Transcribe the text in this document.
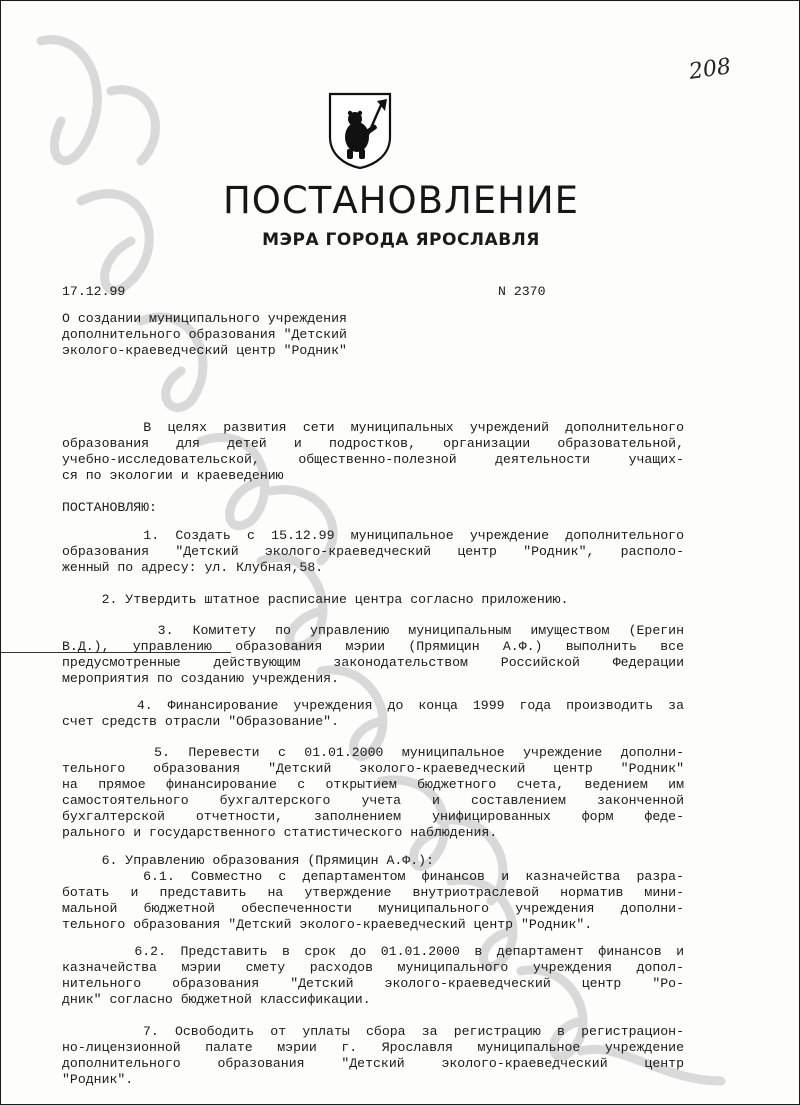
208
ПОСТАНОВЛЕНИЕ
МЭРА ГОРОДА ЯРОСЛАВЛЯ
17.12.99	N 2370
О создании муниципального учреждения
дополнительного образования "Детский
эколого-краеведческий центр "Родник"
В целях развития сети муниципальных учреждений дополнительного
образования для детей и подростков, организации образовательной,
учебно-исследовательской, общественно-полезной деятельности учащих-
ся по экологии и краеведению
ПОСТАНОВЛЯЮ:
1. Создать с 15.12.99 муниципальное учреждение дополнительного
образования "Детский эколого-краеведческий центр "Родник", располо-
женный по адресу: ул. Клубная,58.
2. Утвердить штатное расписание центра согласно приложению.
3. Комитету по управлению муниципальным имуществом (Ерегин
В.Д.), управлению образования мэрии (Прямицин А.Ф.) выполнить все
предусмотренные действующим законодательством Российской Федерации
мероприятия по созданию учреждения.
4. Финансирование учреждения до конца 1999 года производить за
счет средств отрасли "Образование".
5. Перевести с 01.01.2000 муниципальное учреждение дополни-
тельного образования "Детский эколого-краеведческий центр "Родник"
на прямое финансирование с открытием бюджетного счета, ведением им
самостоятельного бухгалтерского учета и составлением законченной
бухгалтерской отчетности, заполнением унифицированных форм феде-
рального и государственного статистического наблюдения.
6. Управлению образования (Прямицин А.Ф.):
6.1. Совместно с департаментом финансов и казначейства разра-
ботать и представить на утверждение внутриотраслевой норматив мини-
мальной бюджетной обеспеченности муниципального учреждения дополни-
тельного образования "Детский эколого-краеведческий центр "Родник".
6.2. Представить в срок до 01.01.2000 в департамент финансов и
казначейства мэрии смету расходов муниципального учреждения допол-
нительного образования "Детский эколого-краеведческий центр "Ро-
дник" согласно бюджетной классификации.
7. Освободить от уплаты сбора за регистрацию в регистрацион-
но-лицензионной палате мэрии г. Ярославля муниципальное учреждение
дополнительного образования "Детский эколого-краеведческий центр
"Родник".
